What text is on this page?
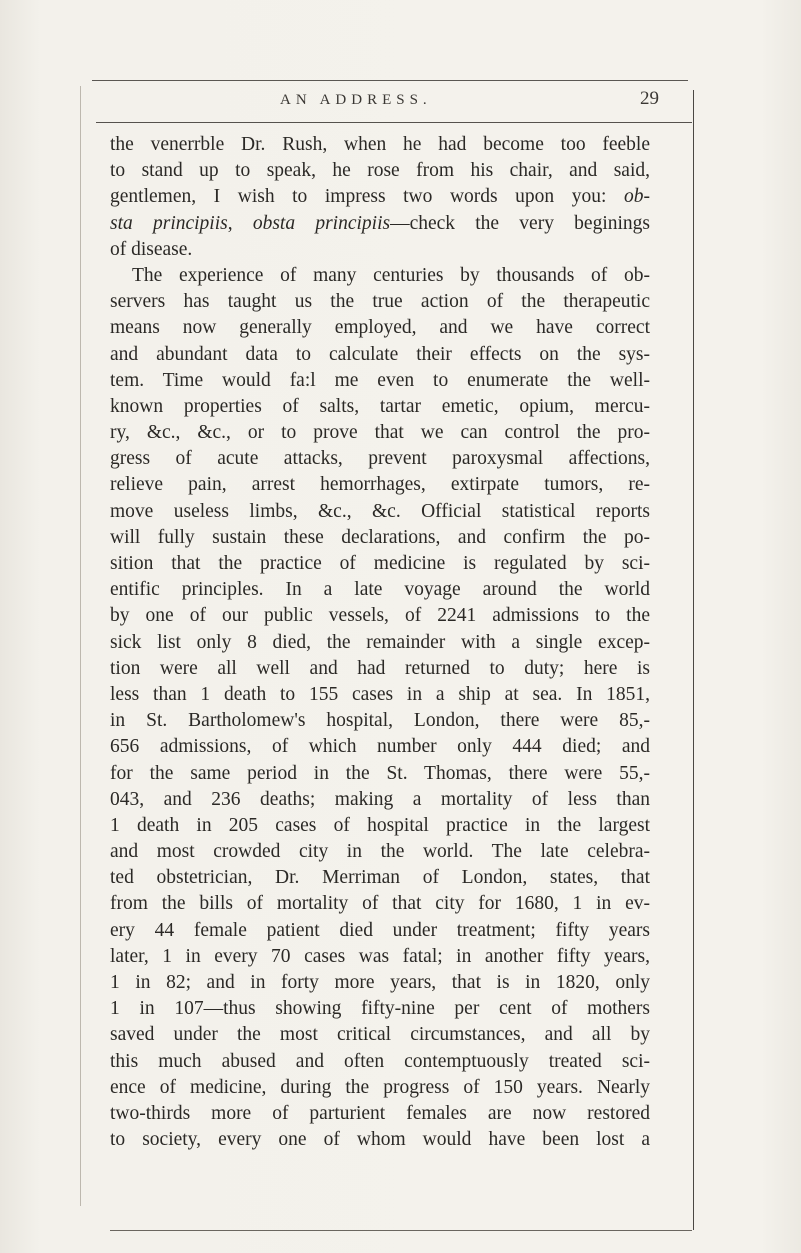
AN ADDRESS.	29
the venerrble Dr. Rush, when he had become too feeble
to stand up to speak, he rose from his chair, and said,
gentlemen, I wish to impress two words upon you: ob-
sta principiis, obsta principiis—check the very beginings
of disease.
The experience of many centuries by thousands of ob-
servers has taught us the true action of the therapeutic
means now generally employed, and we have correct
and abundant data to calculate their effects on the sys-
tem. Time would fa:l me even to enumerate the well-
known properties of salts, tartar emetic, opium, mercu-
ry, &c., &c., or to prove that we can control the pro-
gress of acute attacks, prevent paroxysmal affections,
relieve pain, arrest hemorrhages, extirpate tumors, re-
move useless limbs, &c., &c. Official statistical reports
will fully sustain these declarations, and confirm the po-
sition that the practice of medicine is regulated by sci-
entific principles. In a late voyage around the world
by one of our public vessels, of 2241 admissions to the
sick list only 8 died, the remainder with a single excep-
tion were all well and had returned to duty; here is
less than 1 death to 155 cases in a ship at sea. In 1851,
in St. Bartholomew's hospital, London, there were 85,-
656 admissions, of which number only 444 died; and
for the same period in the St. Thomas, there were 55,-
043, and 236 deaths; making a mortality of less than
1 death in 205 cases of hospital practice in the largest
and most crowded city in the world. The late celebra-
ted obstetrician, Dr. Merriman of London, states, that
from the bills of mortality of that city for 1680, 1 in ev-
ery 44 female patient died under treatment; fifty years
later, 1 in every 70 cases was fatal; in another fifty years,
1 in 82; and in forty more years, that is in 1820, only
1 in 107—thus showing fifty-nine per cent of mothers
saved under the most critical circumstances, and all by
this much abused and often contemptuously treated sci-
ence of medicine, during the progress of 150 years. Nearly
two-thirds more of parturient females are now restored
to society, every one of whom would have been lost a
